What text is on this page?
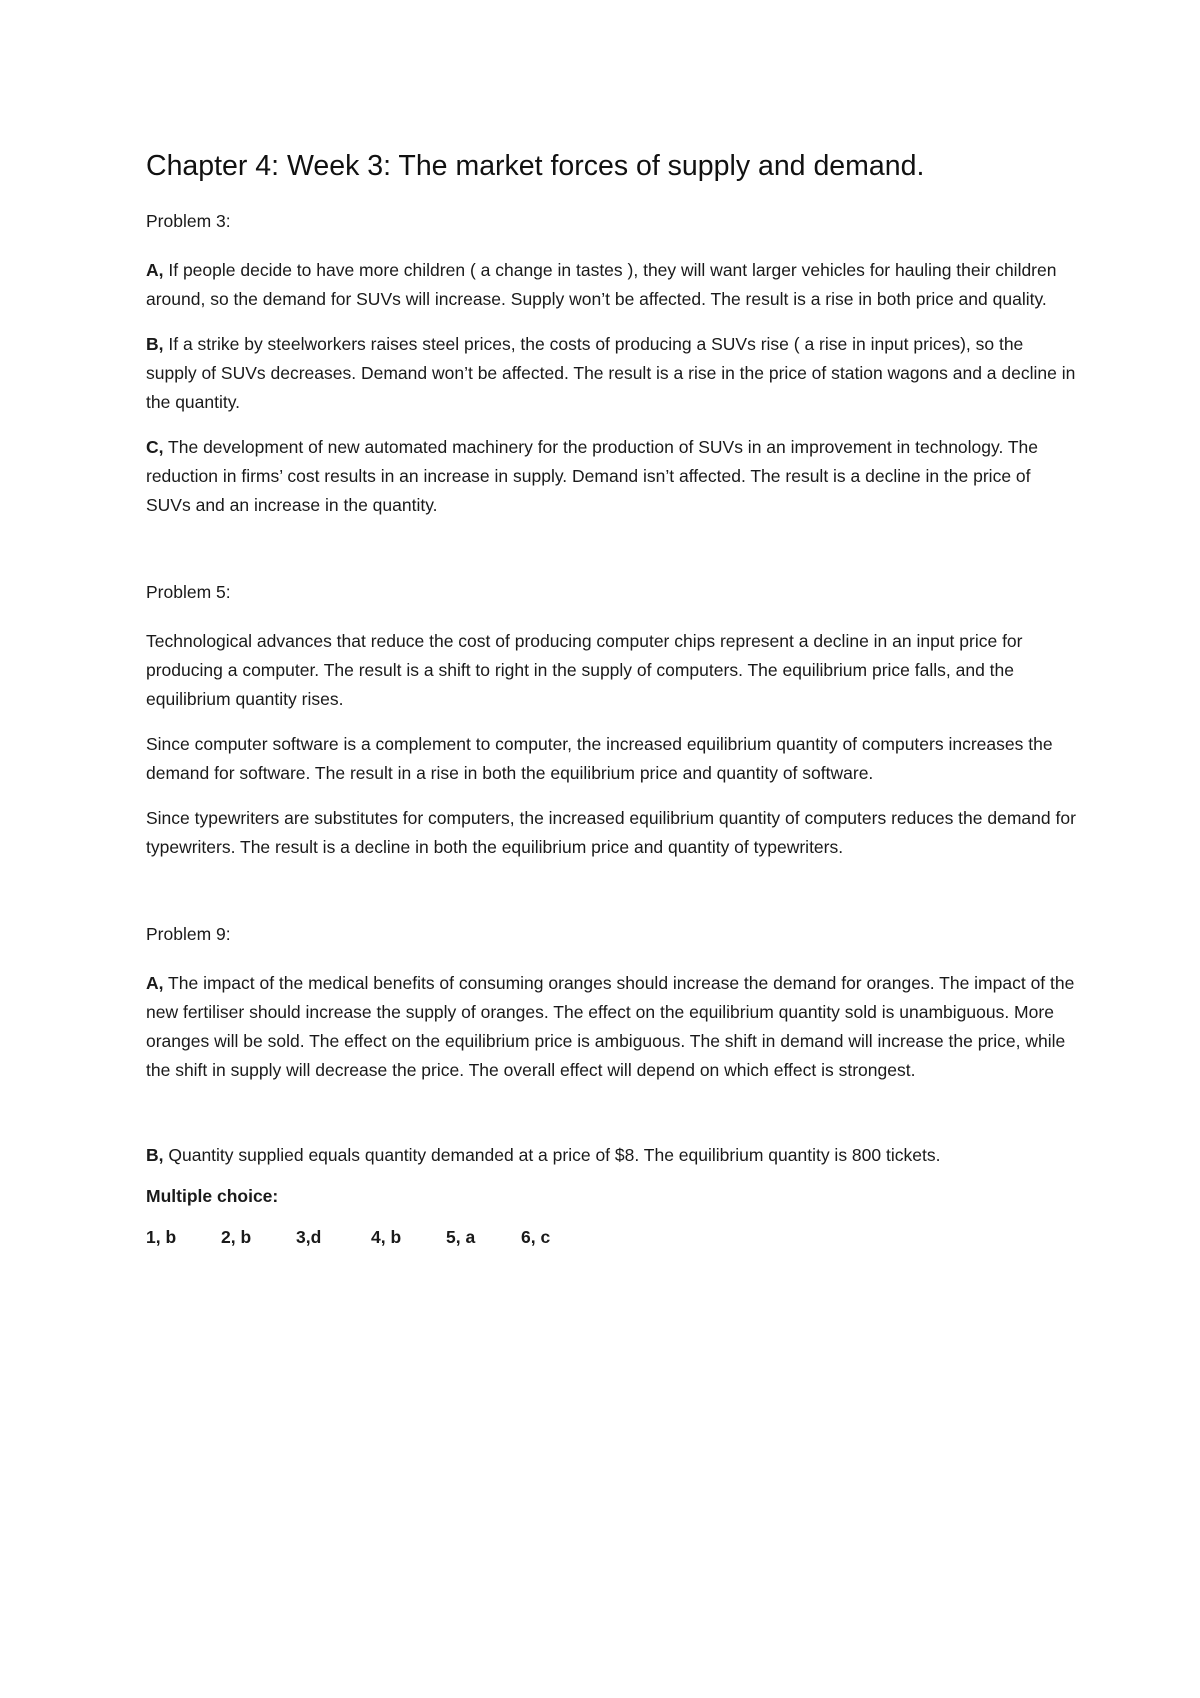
Chapter 4: Week 3: The market forces of supply and demand.
Problem 3:

A, If people decide to have more children ( a change in tastes ), they will want larger vehicles for hauling their children around, so the demand for SUVs will increase. Supply won’t be affected. The result is a rise in both price and quality.

B, If a strike by steelworkers raises steel prices, the costs of producing a SUVs rise ( a rise in input prices), so the supply of SUVs decreases. Demand won’t be affected. The result is a rise in the price of station wagons and a decline in the quantity.

C, The development of new automated machinery for the production of SUVs in an improvement in technology. The reduction in firms’ cost results in an increase in supply. Demand isn’t affected. The result is a decline in the price of SUVs and an increase in the quantity.

Problem 5:

Technological advances that reduce the cost of producing computer chips represent a decline in an input price for producing a computer. The result is a shift to right in the supply of computers. The equilibrium price falls, and the equilibrium quantity rises.

Since computer software is a complement to computer, the increased equilibrium quantity of computers increases the demand for software. The result in a rise in both the equilibrium price and quantity of software.

Since typewriters are substitutes for computers, the increased equilibrium quantity of computers reduces the demand for typewriters. The result is a decline in both the equilibrium price and quantity of typewriters.

Problem 9:

A, The impact of the medical benefits of consuming oranges should increase the demand for oranges. The impact of the new fertiliser should increase the supply of oranges. The effect on the equilibrium quantity sold is unambiguous. More oranges will be sold. The effect on the equilibrium price is ambiguous. The shift in demand will increase the price, while the shift in supply will decrease the price. The overall effect will depend on which effect is strongest.

B, Quantity supplied equals quantity demanded at a price of $8. The equilibrium quantity is 800 tickets.

Multiple choice:
1, b	2, b	3,d	4, b	5, a	6, c
